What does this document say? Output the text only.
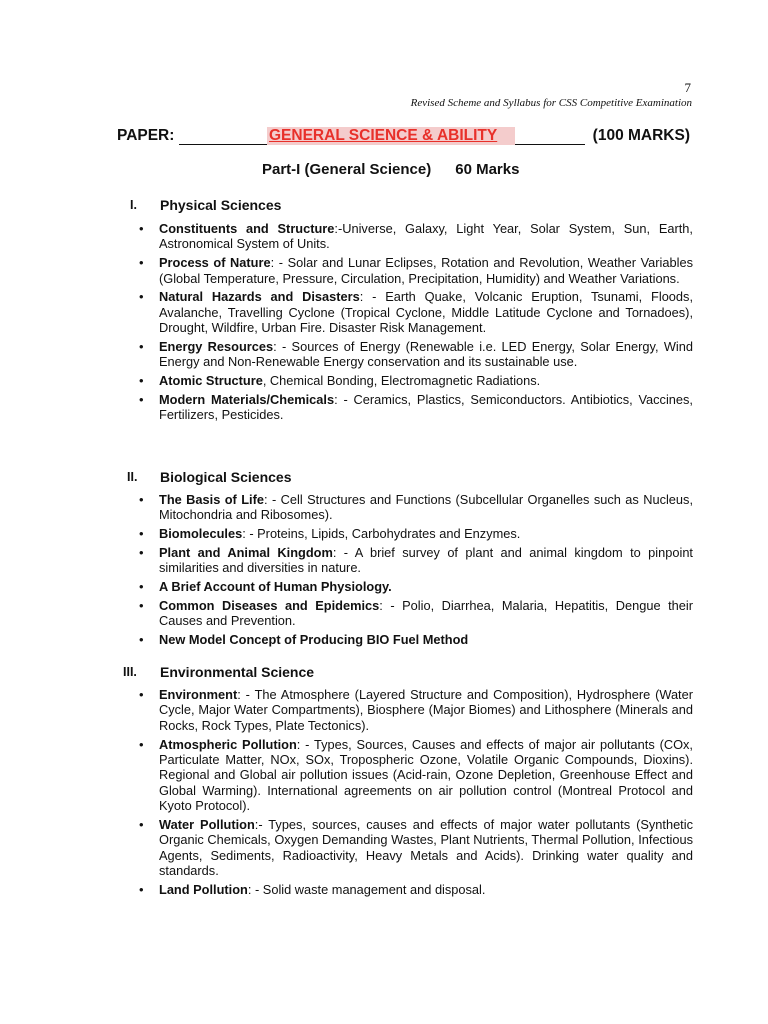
7
Revised Scheme and Syllabus for CSS Competitive Examination
PAPER:	GENERAL SCIENCE & ABILITY	(100 MARKS)
Part-I (General Science) 60 Marks
I. Physical Sciences
• Constituents and Structure:-Universe, Galaxy, Light Year, Solar System, Sun, Earth, Astronomical System of Units.
• Process of Nature: - Solar and Lunar Eclipses, Rotation and Revolution, Weather Variables (Global Temperature, Pressure, Circulation, Precipitation, Humidity) and Weather Variations.
• Natural Hazards and Disasters: - Earth Quake, Volcanic Eruption, Tsunami, Floods, Avalanche, Travelling Cyclone (Tropical Cyclone, Middle Latitude Cyclone and Tornadoes), Drought, Wildfire, Urban Fire. Disaster Risk Management.
• Energy Resources: - Sources of Energy (Renewable i.e. LED Energy, Solar Energy, Wind Energy and Non-Renewable Energy conservation and its sustainable use.
• Atomic Structure, Chemical Bonding, Electromagnetic Radiations.
• Modern Materials/Chemicals: - Ceramics, Plastics, Semiconductors. Antibiotics, Vaccines, Fertilizers, Pesticides.
II. Biological Sciences
• The Basis of Life: - Cell Structures and Functions (Subcellular Organelles such as Nucleus, Mitochondria and Ribosomes).
• Biomolecules: - Proteins, Lipids, Carbohydrates and Enzymes.
• Plant and Animal Kingdom: - A brief survey of plant and animal kingdom to pinpoint similarities and diversities in nature.
• A Brief Account of Human Physiology.
• Common Diseases and Epidemics: - Polio, Diarrhea, Malaria, Hepatitis, Dengue their Causes and Prevention.
• New Model Concept of Producing BIO Fuel Method
III. Environmental Science
• Environment: - The Atmosphere (Layered Structure and Composition), Hydrosphere (Water Cycle, Major Water Compartments), Biosphere (Major Biomes) and Lithosphere (Minerals and Rocks, Rock Types, Plate Tectonics).
• Atmospheric Pollution: - Types, Sources, Causes and effects of major air pollutants (COx, Particulate Matter, NOx, SOx, Tropospheric Ozone, Volatile Organic Compounds, Dioxins). Regional and Global air pollution issues (Acid-rain, Ozone Depletion, Greenhouse Effect and Global Warming). International agreements on air pollution control (Montreal Protocol and Kyoto Protocol).
• Water Pollution:- Types, sources, causes and effects of major water pollutants (Synthetic Organic Chemicals, Oxygen Demanding Wastes, Plant Nutrients, Thermal Pollution, Infectious Agents, Sediments, Radioactivity, Heavy Metals and Acids). Drinking water quality and standards.
• Land Pollution: - Solid waste management and disposal.
